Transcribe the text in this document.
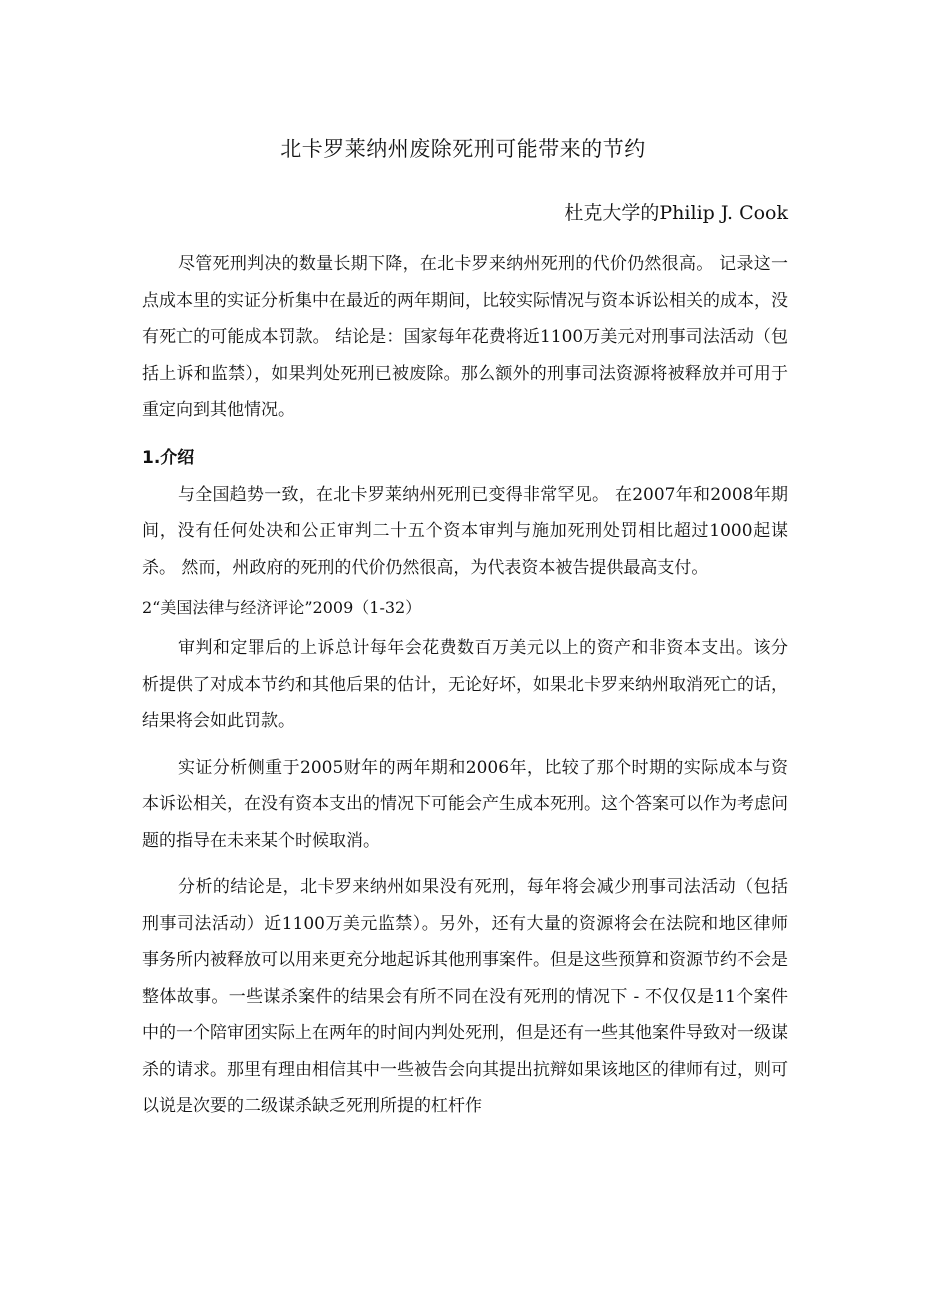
北卡罗莱纳州废除死刑可能带来的节约
杜克大学的Philip J. Cook

尽管死刑判决的数量长期下降，在北卡罗来纳州死刑的代价仍然很高。 记录这一点成本里的实证分析集中在最近的两年期间，比较实际情况与资本诉讼相关的成本，没有死亡的可能成本罚款。 结论是：国家每年花费将近1100万美元对刑事司法活动（包括上诉和监禁），如果判处死刑已被废除。那么额外的刑事司法资源将被释放并可用于重定向到其他情况。

1.介绍

与全国趋势一致，在北卡罗莱纳州死刑已变得非常罕见。 在2007年和2008年期间，没有任何处决和公正审判二十五个资本审判与施加死刑处罚相比超过1000起谋杀。 然而，州政府的死刑的代价仍然很高，为代表资本被告提供最高支付。

2“美国法律与经济评论”2009（1-32）

审判和定罪后的上诉总计每年会花费数百万美元以上的资产和非资本支出。该分析提供了对成本节约和其他后果的估计，无论好坏，如果北卡罗来纳州取消死亡的话，结果将会如此罚款。

实证分析侧重于2005财年的两年期和2006年，比较了那个时期的实际成本与资本诉讼相关，在没有资本支出的情况下可能会产生成本死刑。这个答案可以作为考虑问题的指导在未来某个时候取消。

分析的结论是，北卡罗来纳州如果没有死刑，每年将会减少刑事司法活动（包括刑事司法活动）近1100万美元监禁）。另外，还有大量的资源将会在法院和地区律师事务所内被释放可以用来更充分地起诉其他刑事案件。但是这些预算和资源节约不会是整体故事。一些谋杀案件的结果会有所不同在没有死刑的情况下 - 不仅仅是11个案件中的一个陪审团实际上在两年的时间内判处死刑，但是还有一些其他案件导致对一级谋杀的请求。那里有理由相信其中一些被告会向其提出抗辩如果该地区的律师有过，则可以说是次要的二级谋杀缺乏死刑所提的杠杆作
